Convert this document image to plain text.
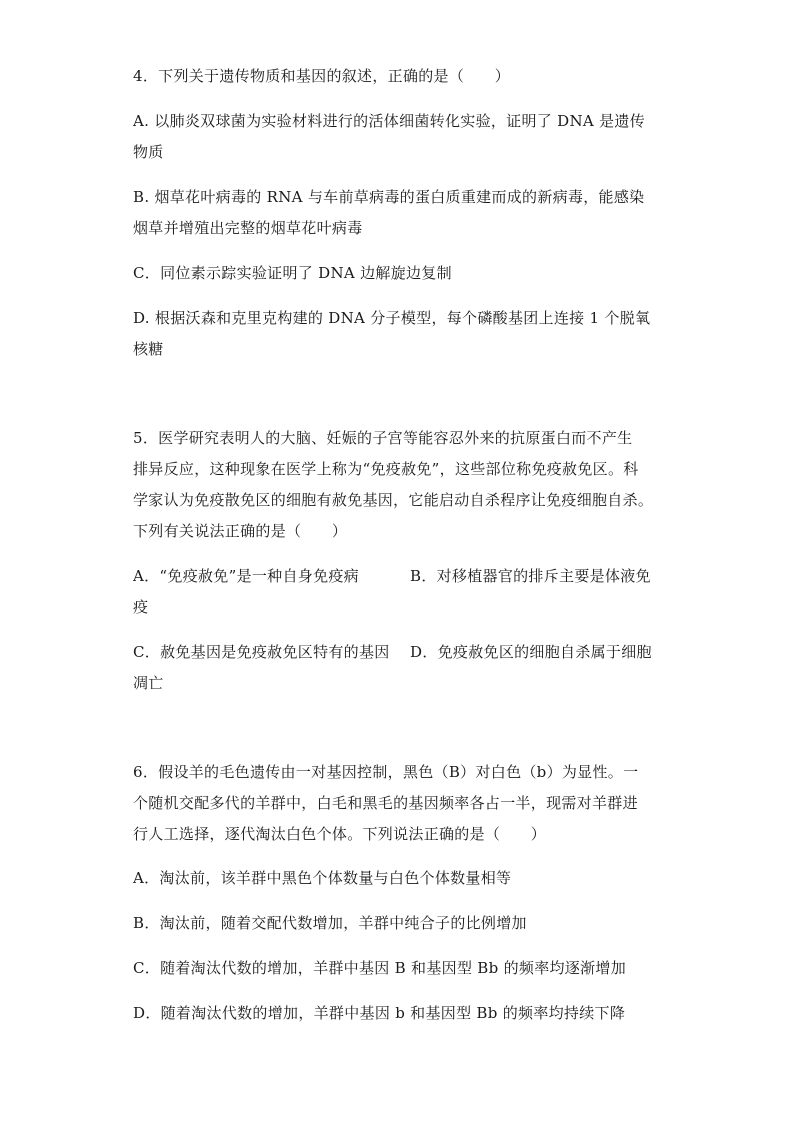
4．下列关于遗传物质和基因的叙述，正确的是（　　）
A. 以肺炎双球菌为实验材料进行的活体细菌转化实验，证明了 DNA 是遗传
物质
B. 烟草花叶病毒的 RNA 与车前草病毒的蛋白质重建而成的新病毒，能感染
烟草并增殖出完整的烟草花叶病毒
C．同位素示踪实验证明了 DNA 边解旋边复制
D. 根据沃森和克里克构建的 DNA 分子模型，每个磷酸基团上连接 1 个脱氧
核糖
5．医学研究表明人的大脑、妊娠的子宫等能容忍外来的抗原蛋白而不产生
排异反应，这种现象在医学上称为“免疫赦免”，这些部位称免疫赦免区。科
学家认为免疫散免区的细胞有赦免基因，它能启动自杀程序让免疫细胞自杀。
下列有关说法正确的是（　　）
A．“免疫赦免”是一种自身免疫病	B．对移植器官的排斥主要是体液免
疫
C．赦免基因是免疫赦免区特有的基因 D．免疫赦免区的细胞自杀属于细胞
凋亡
6．假设羊的毛色遗传由一对基因控制，黑色（B）对白色（b）为显性。一
个随机交配多代的羊群中，白毛和黑毛的基因频率各占一半，现需对羊群进
行人工选择，逐代淘汰白色个体。下列说法正确的是（　　）
A．淘汰前，该羊群中黑色个体数量与白色个体数量相等
B．淘汰前，随着交配代数增加，羊群中纯合子的比例增加
C．随着淘汰代数的增加，羊群中基因 B 和基因型 Bb 的频率均逐渐增加
D．随着淘汰代数的增加，羊群中基因 b 和基因型 Bb 的频率均持续下降
